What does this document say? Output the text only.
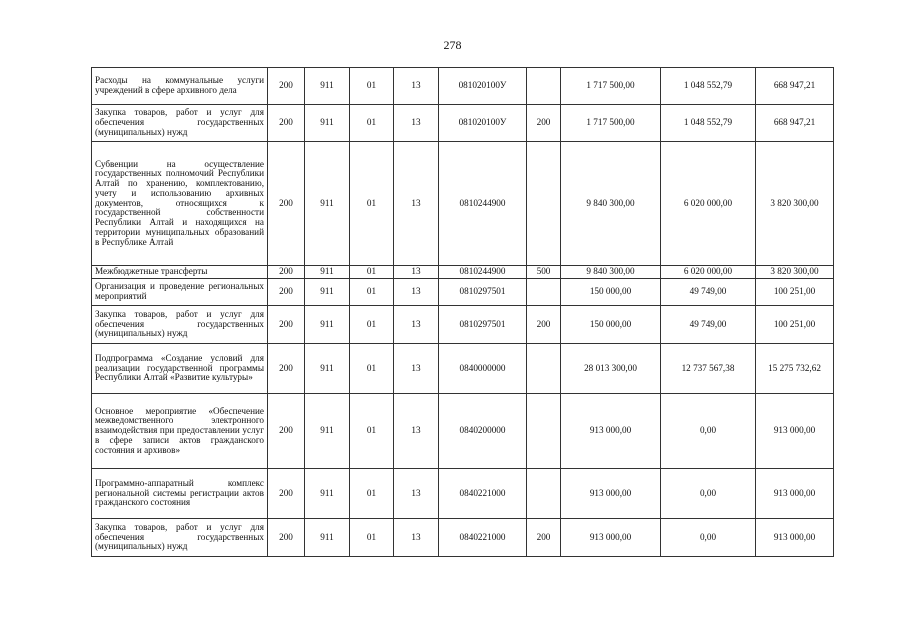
278
Расходы на коммунальные услуги учреждений в сфере архивного дела	200	911	01	13	081020100У		1 717 500,00	1 048 552,79	668 947,21
Закупка товаров, работ и услуг для обеспечения государственных (муниципальных) нужд	200	911	01	13	081020100У	200	1 717 500,00	1 048 552,79	668 947,21
Субвенции на осуществление государственных полномочий Республики Алтай по хранению, комплектованию, учету и использованию архивных документов, относящихся к государственной собственности Республики Алтай и находящихся на территории муниципальных образований в Республике Алтай	200	911	01	13	0810244900		9 840 300,00	6 020 000,00	3 820 300,00
Межбюджетные трансферты	200	911	01	13	0810244900	500	9 840 300,00	6 020 000,00	3 820 300,00
Организация и проведение региональных мероприятий	200	911	01	13	0810297501		150 000,00	49 749,00	100 251,00
Закупка товаров, работ и услуг для обеспечения государственных (муниципальных) нужд	200	911	01	13	0810297501	200	150 000,00	49 749,00	100 251,00
Подпрограмма «Создание условий для реализации государственной программы Республики Алтай «Развитие культуры»	200	911	01	13	0840000000		28 013 300,00	12 737 567,38	15 275 732,62
Основное мероприятие «Обеспечение межведомственного электронного взаимодействия при предоставлении услуг в сфере записи актов гражданского состояния и архивов»	200	911	01	13	0840200000		913 000,00	0,00	913 000,00
Программно-аппаратный комплекс региональной системы регистрации актов гражданского состояния	200	911	01	13	0840221000		913 000,00	0,00	913 000,00
Закупка товаров, работ и услуг для обеспечения государственных (муниципальных) нужд	200	911	01	13	0840221000	200	913 000,00	0,00	913 000,00
